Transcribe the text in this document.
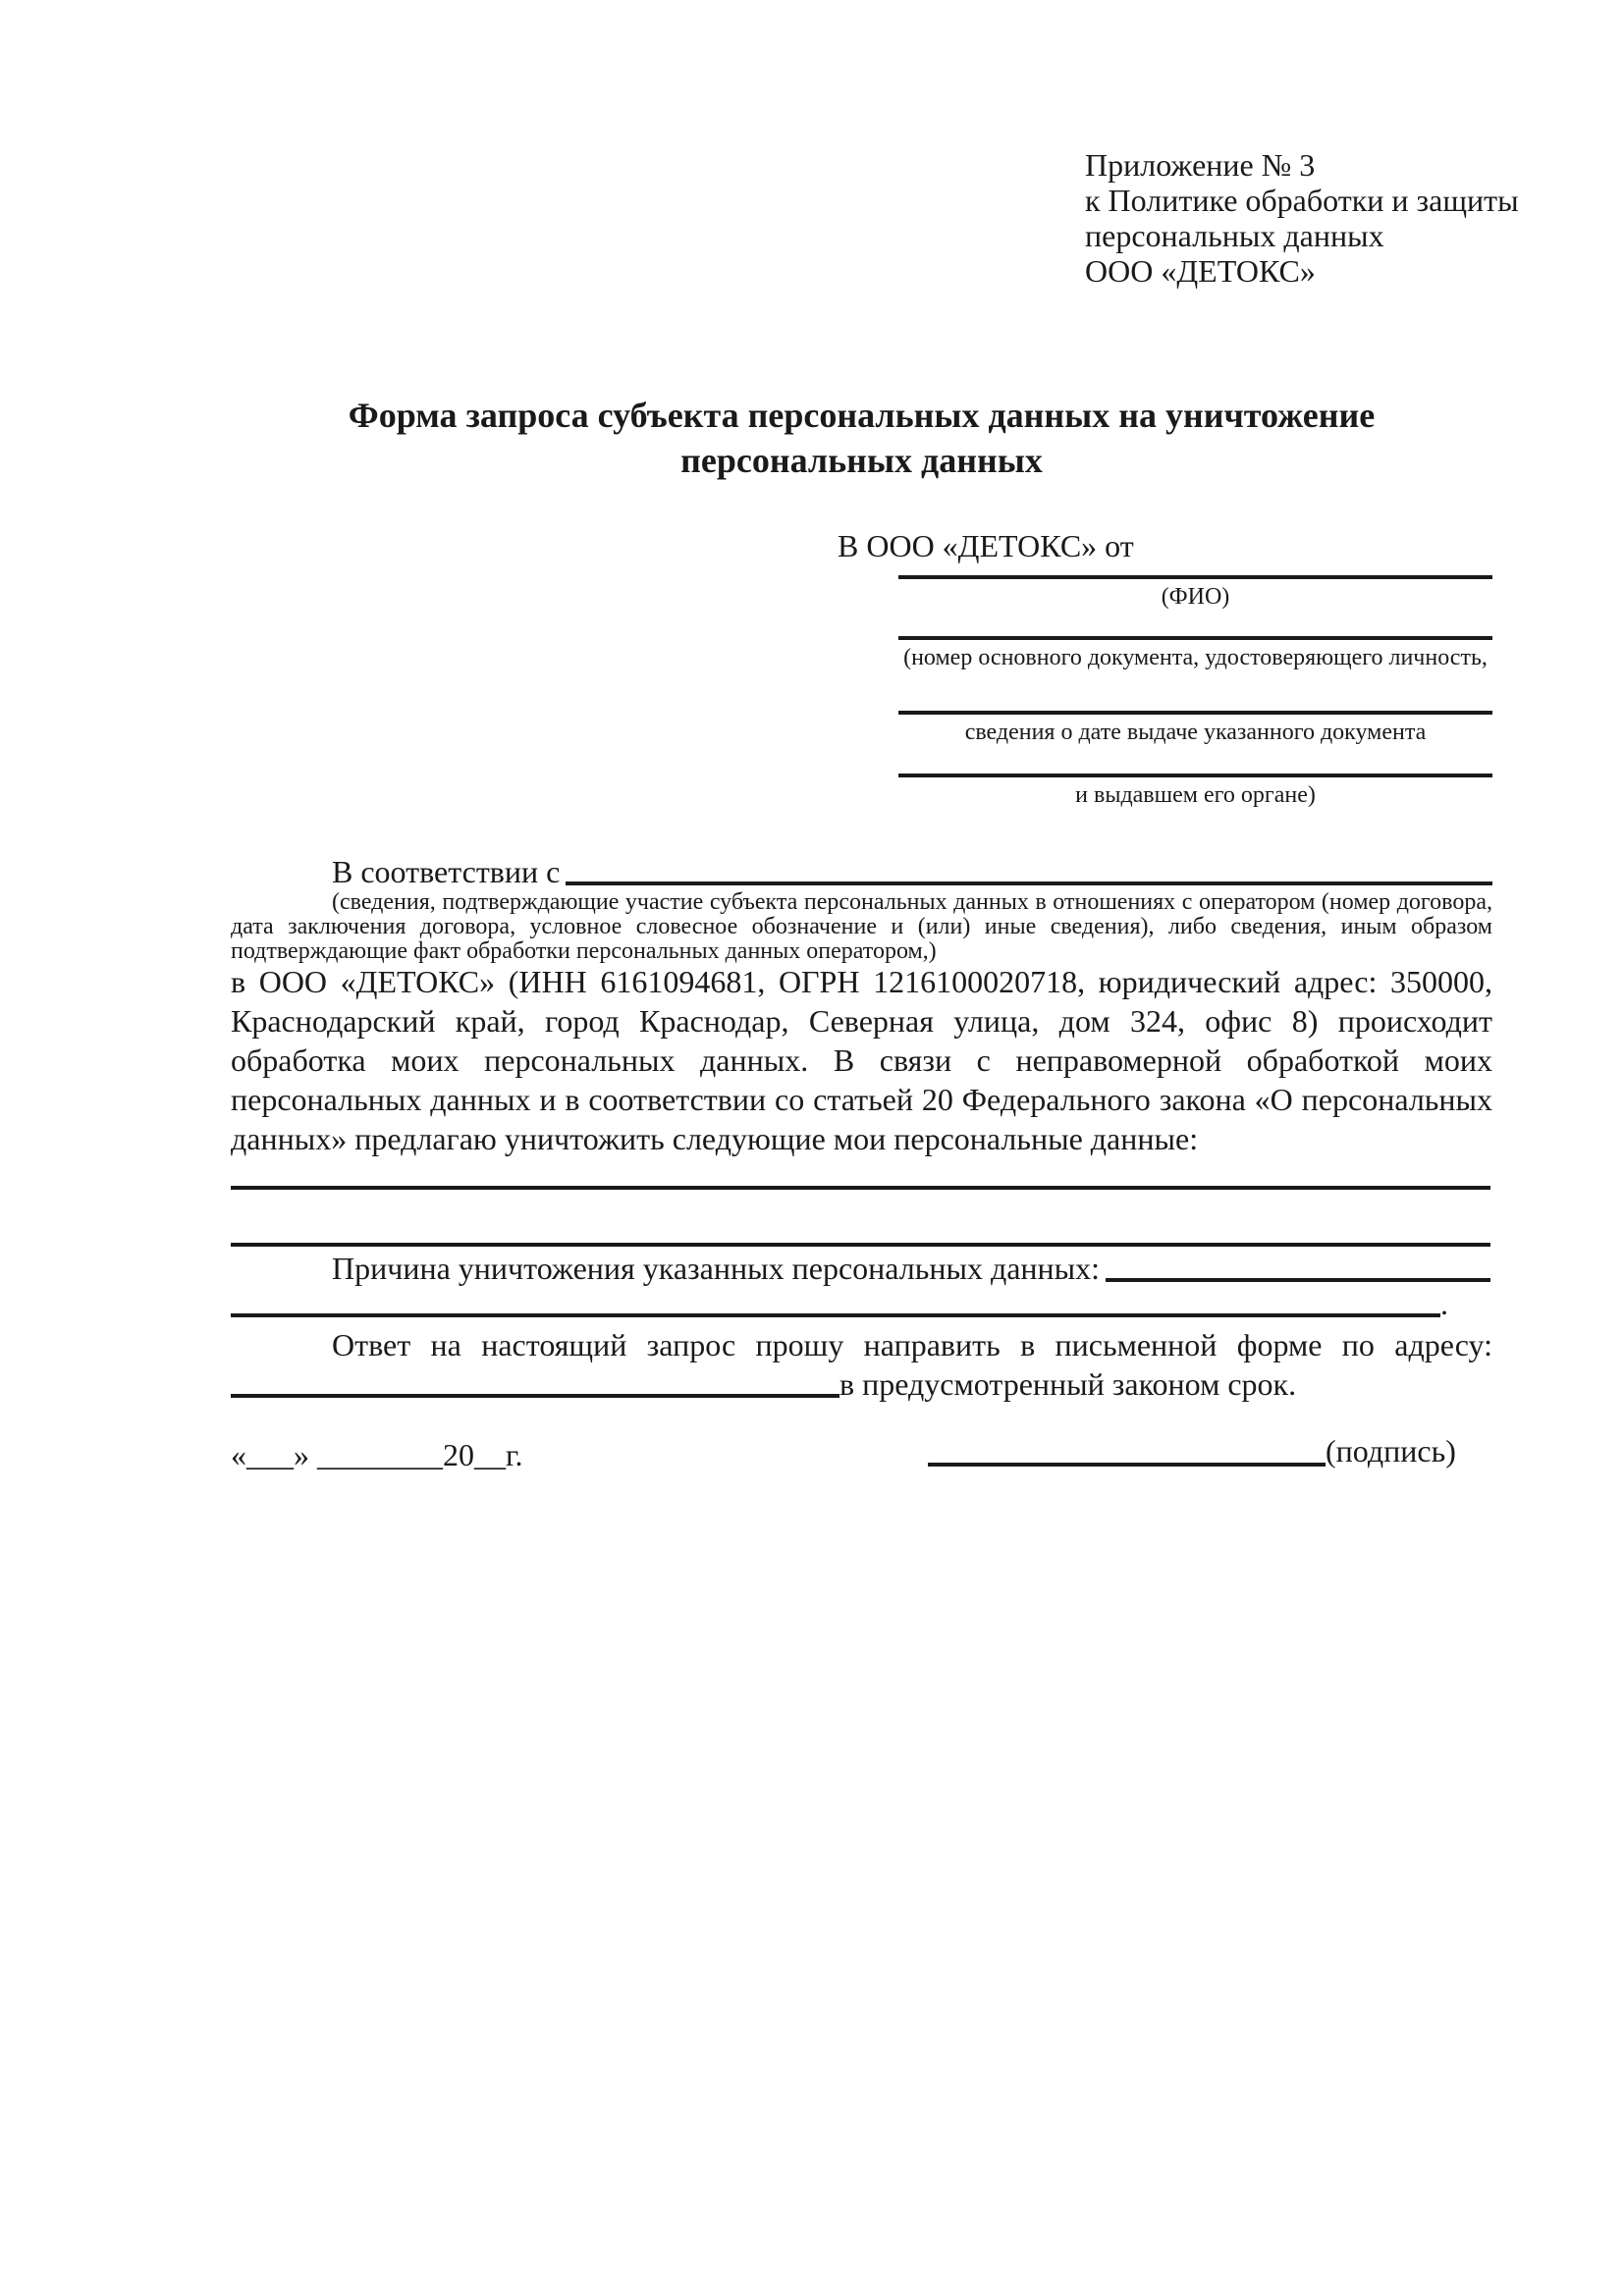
Приложение № 3
к Политике обработки и защиты
персональных данных
ООО «ДЕТОКС»
Форма запроса субъекта персональных данных на уничтожение персональных данных
В ООО «ДЕТОКС» от
(ФИО)
(номер основного документа, удостоверяющего личность,
сведения о дате выдаче указанного документа
и выдавшем его органе)
В соответствии с
(сведения, подтверждающие участие субъекта персональных данных в отношениях с оператором (номер договора, дата заключения договора, условное словесное обозначение и (или) иные сведения), либо сведения, иным образом подтверждающие факт обработки персональных данных оператором,)
в ООО «ДЕТОКС» (ИНН 6161094681, ОГРН 1216100020718, юридический адрес: 350000, Краснодарский край, город Краснодар, Северная улица, дом 324, офис 8) происходит обработка моих персональных данных. В связи с неправомерной обработкой моих персональных данных и в соответствии со статьей 20 Федерального закона «О персональных данных» предлагаю уничтожить следующие мои персональные данные:
Причина уничтожения указанных персональных данных:
.
Ответ на настоящий запрос прошу направить в письменной форме по адресу:
в предусмотренный законом срок.
«___» ________20__г.	(подпись)
